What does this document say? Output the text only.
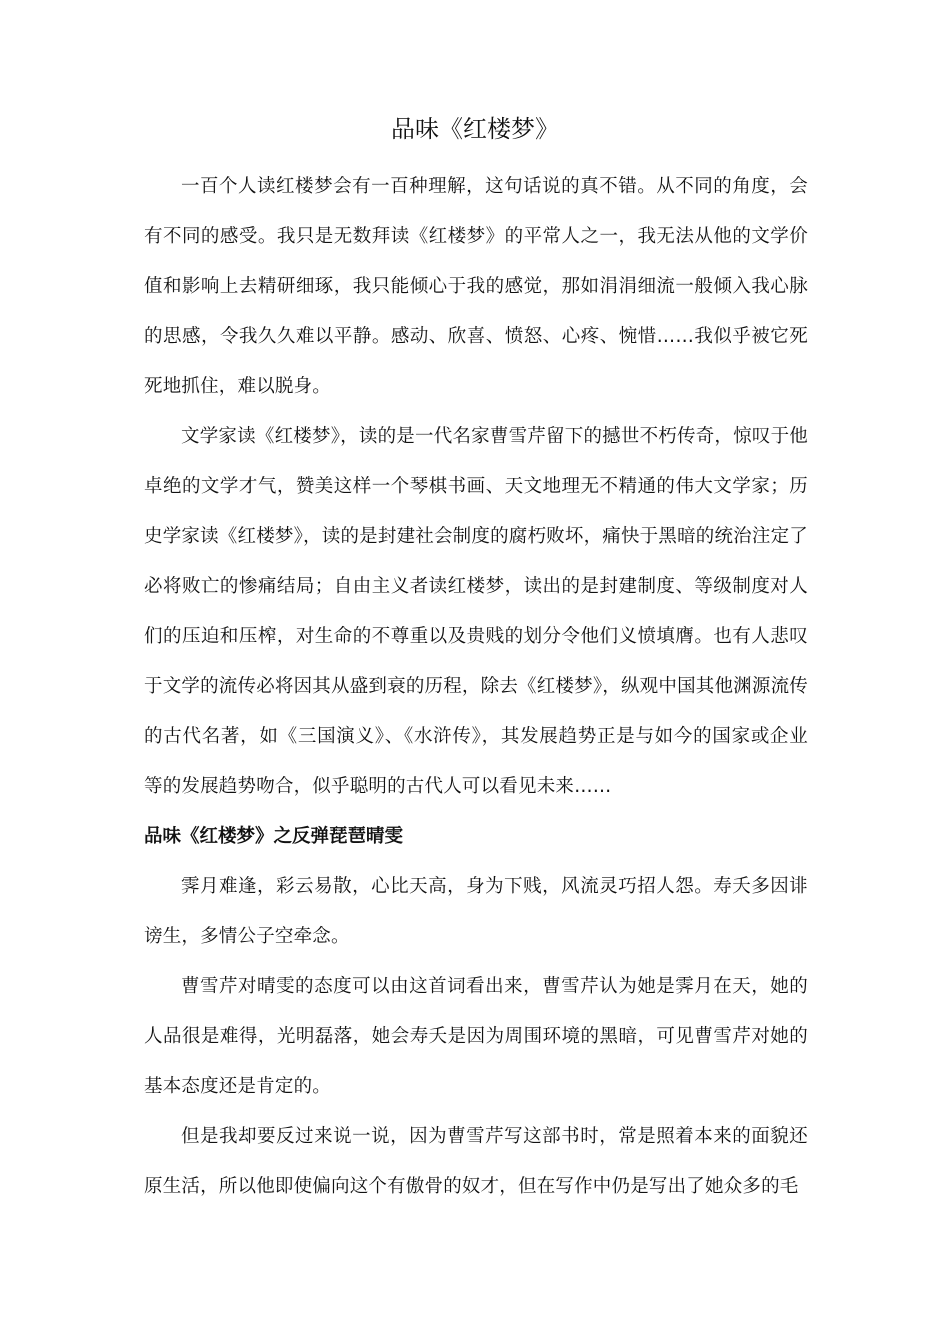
品味《红楼梦》

一百个人读红楼梦会有一百种理解，这句话说的真不错。从不同的角度，会有不同的感受。我只是无数拜读《红楼梦》的平常人之一，我无法从他的文学价值和影响上去精研细琢，我只能倾心于我的感觉，那如涓涓细流一般倾入我心脉的思感，令我久久难以平静。感动、欣喜、愤怒、心疼、惋惜……我似乎被它死死地抓住，难以脱身。

文学家读《红楼梦》，读的是一代名家曹雪芹留下的撼世不朽传奇，惊叹于他卓绝的文学才气，赞美这样一个琴棋书画、天文地理无不精通的伟大文学家；历史学家读《红楼梦》，读的是封建社会制度的腐朽败坏，痛快于黑暗的统治注定了必将败亡的惨痛结局；自由主义者读红楼梦，读出的是封建制度、等级制度对人们的压迫和压榨，对生命的不尊重以及贵贱的划分令他们义愤填膺。也有人悲叹于文学的流传必将因其从盛到衰的历程，除去《红楼梦》，纵观中国其他渊源流传的古代名著，如《三国演义》、《水浒传》，其发展趋势正是与如今的国家或企业等的发展趋势吻合，似乎聪明的古代人可以看见未来……

品味《红楼梦》之反弹琵琶晴雯

霁月难逢，彩云易散，心比天高，身为下贱，风流灵巧招人怨。寿夭多因诽谤生，多情公子空牵念。

曹雪芹对晴雯的态度可以由这首词看出来，曹雪芹认为她是霁月在天，她的人品很是难得，光明磊落，她会寿夭是因为周围环境的黑暗，可见曹雪芹对她的基本态度还是肯定的。

但是我却要反过来说一说，因为曹雪芹写这部书时，常是照着本来的面貌还原生活，所以他即使偏向这个有傲骨的奴才，但在写作中仍是写出了她众多的毛
